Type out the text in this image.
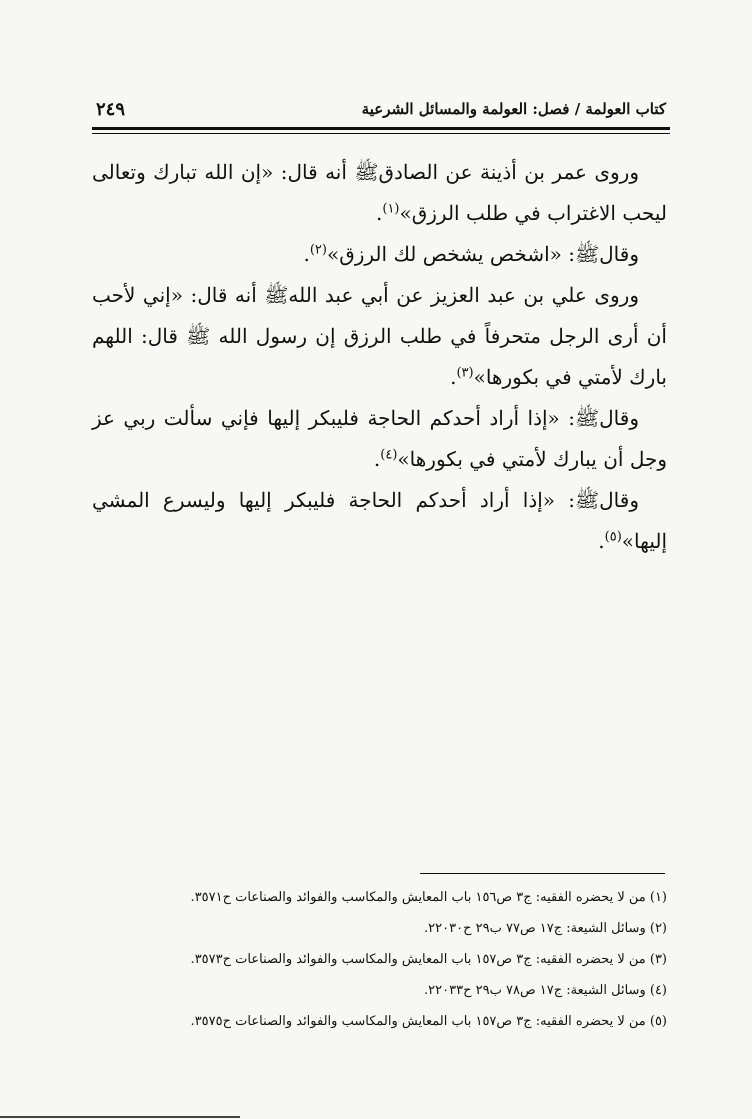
كتاب العولمة / فصل: العولمة والمسائل الشرعية
٢٤٩

وروى عمر بن أذينة عن الصادقﷺ أنه قال: «إن الله تبارك وتعالى ليحب الاغتراب في طلب الرزق»$^{(١)}$.

وقالﷺ: «اشخص يشخص لك الرزق»$^{(٢)}$.

وروى علي بن عبد العزيز عن أبي عبد اللهﷺ أنه قال: «إني لأحب أن أرى الرجل متحرفاً في طلب الرزق إن رسول الله ﷺ قال: اللهم بارك لأمتي في بكورها»$^{(٣)}$.

وقالﷺ: «إذا أراد أحدكم الحاجة فليبكر إليها فإني سألت ربي عز وجل أن يبارك لأمتي في بكورها»$^{(٤)}$.

وقالﷺ: «إذا أراد أحدكم الحاجة فليبكر إليها وليسرع المشي إليها»$^{(٥)}$.

(١) من لا يحضره الفقيه: ج٣ ص١٥٦ باب المعايش والمكاسب والفوائد والصناعات ح٣٥٧١.

(٢) وسائل الشيعة: ج١٧ ص٧٧ ب٢٩ ح٢٢٠٣٠.

(٣) من لا يحضره الفقيه: ج٣ ص١٥٧ باب المعايش والمكاسب والفوائد والصناعات ح٣٥٧٣.

(٤) وسائل الشيعة: ج١٧ ص٧٨ ب٢٩ ح٢٢٠٣٣.

(٥) من لا يحضره الفقيه: ج٣ ص١٥٧ باب المعايش والمكاسب والفوائد والصناعات ح٣٥٧٥.
